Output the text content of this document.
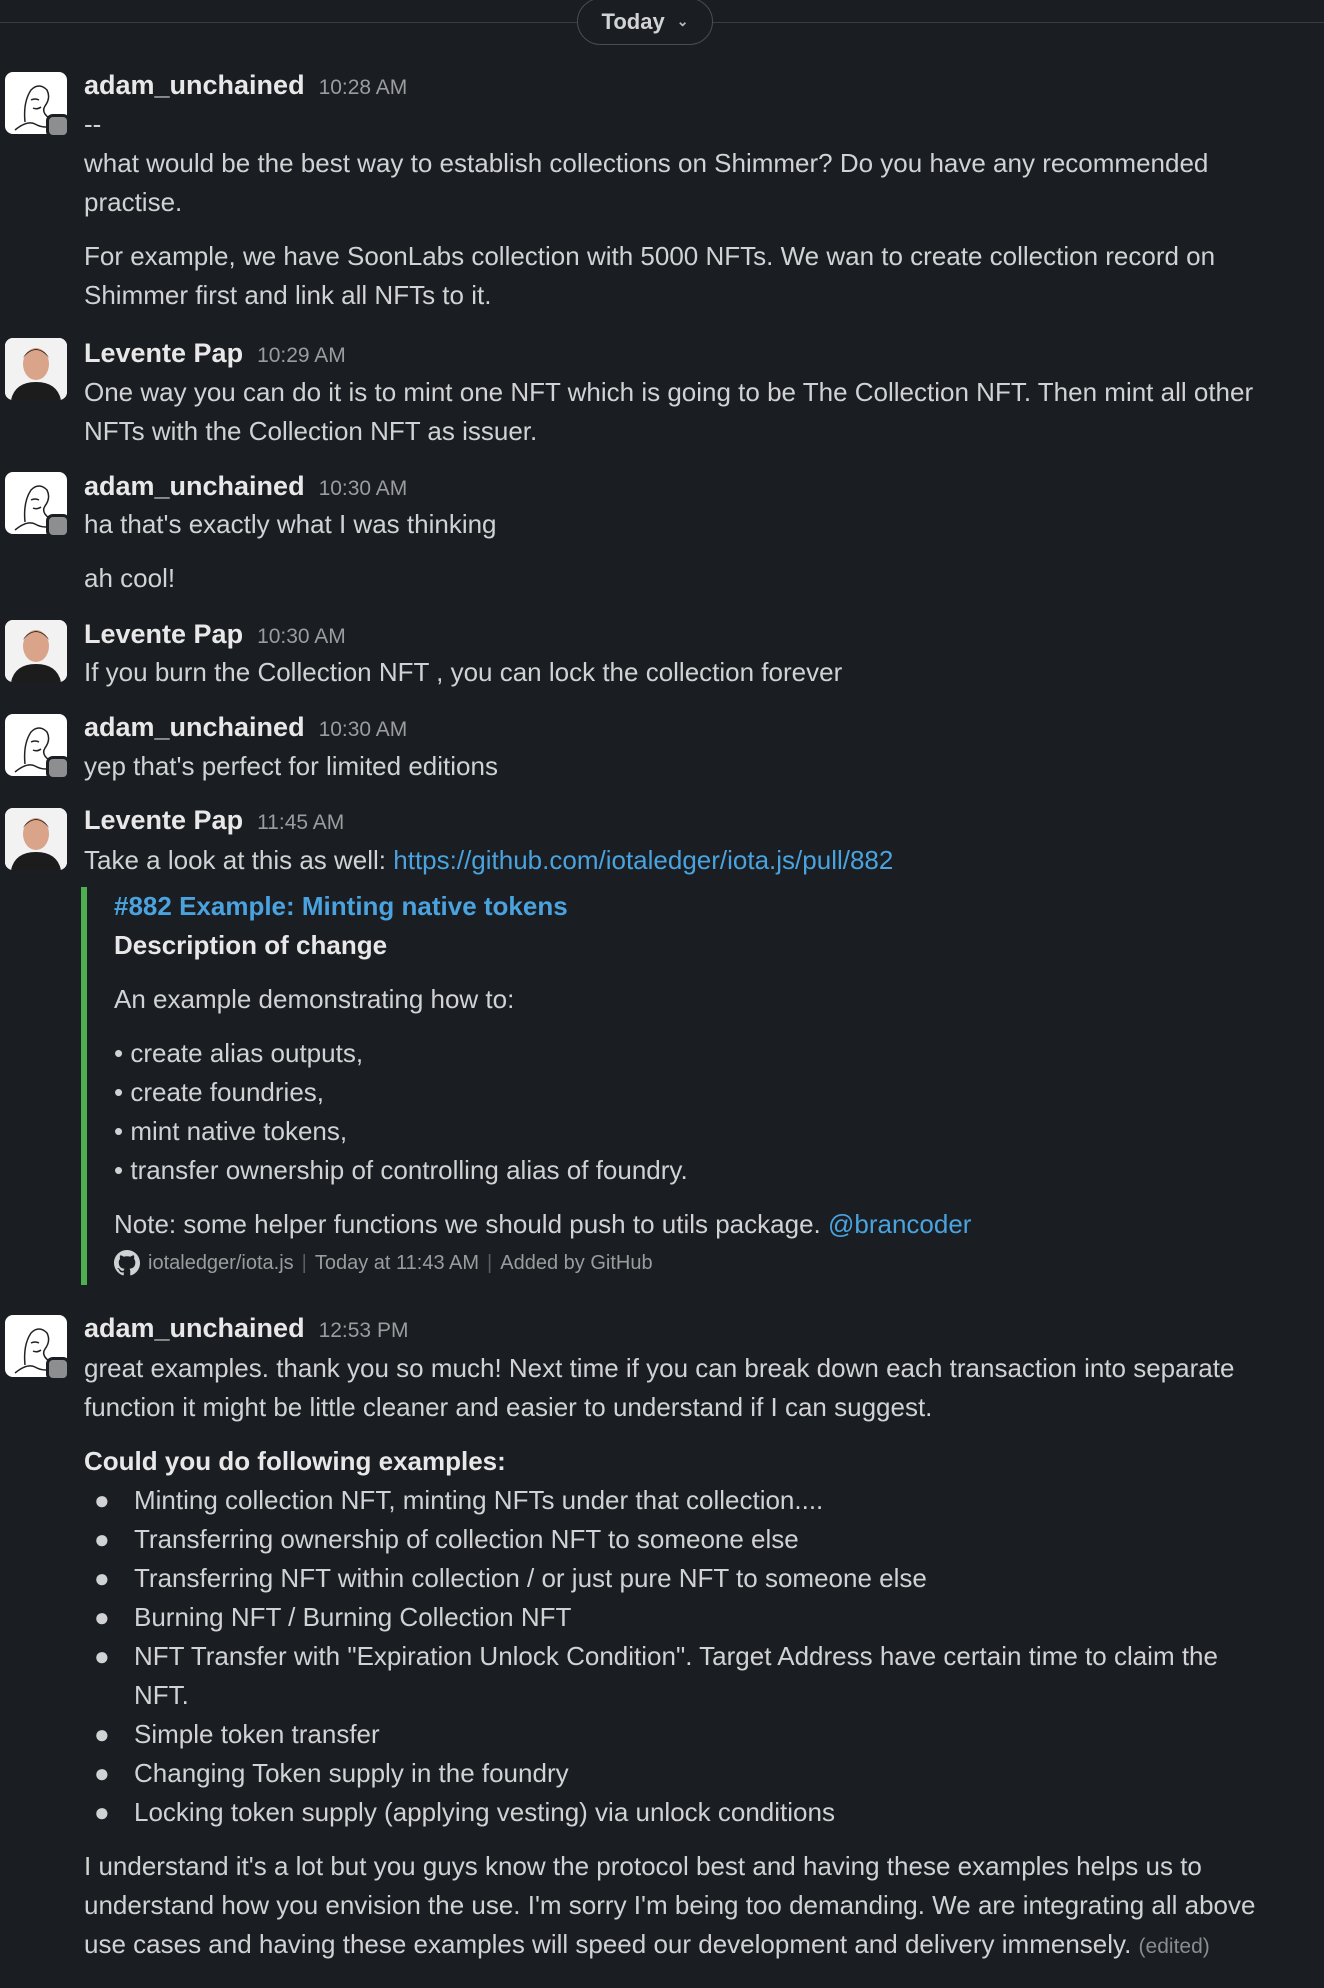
Today ⌄
adam_unchained 10:28 AM
--
what would be the best way to establish collections on Shimmer? Do you have any recommended
practise.
For example, we have SoonLabs collection with 5000 NFTs. We wan to create collection record on
Shimmer first and link all NFTs to it.
Levente Pap 10:29 AM
One way you can do it is to mint one NFT which is going to be The Collection NFT. Then mint all other
NFTs with the Collection NFT as issuer.
adam_unchained 10:30 AM
ha that's exactly what I was thinking
ah cool!
Levente Pap 10:30 AM
If you burn the Collection NFT , you can lock the collection forever
adam_unchained 10:30 AM
yep that's perfect for limited editions
Levente Pap 11:45 AM
Take a look at this as well: https://github.com/iotaledger/iota.js/pull/882
#882 Example: Minting native tokens
Description of change
An example demonstrating how to:
• create alias outputs,
• create foundries,
• mint native tokens,
• transfer ownership of controlling alias of foundry.
Note: some helper functions we should push to utils package. @brancoder
iotaledger/iota.js | Today at 11:43 AM | Added by GitHub
adam_unchained 12:53 PM
great examples. thank you so much! Next time if you can break down each transaction into separate
function it might be little cleaner and easier to understand if I can suggest.
Could you do following examples:
● Minting collection NFT, minting NFTs under that collection....
● Transferring ownership of collection NFT to someone else
● Transferring NFT within collection / or just pure NFT to someone else
● Burning NFT / Burning Collection NFT
● NFT Transfer with "Expiration Unlock Condition". Target Address have certain time to claim the
NFT.
● Simple token transfer
● Changing Token supply in the foundry
● Locking token supply (applying vesting) via unlock conditions
I understand it's a lot but you guys know the protocol best and having these examples helps us to
understand how you envision the use. I'm sorry I'm being too demanding. We are integrating all above
use cases and having these examples will speed our development and delivery immensely. (edited)
